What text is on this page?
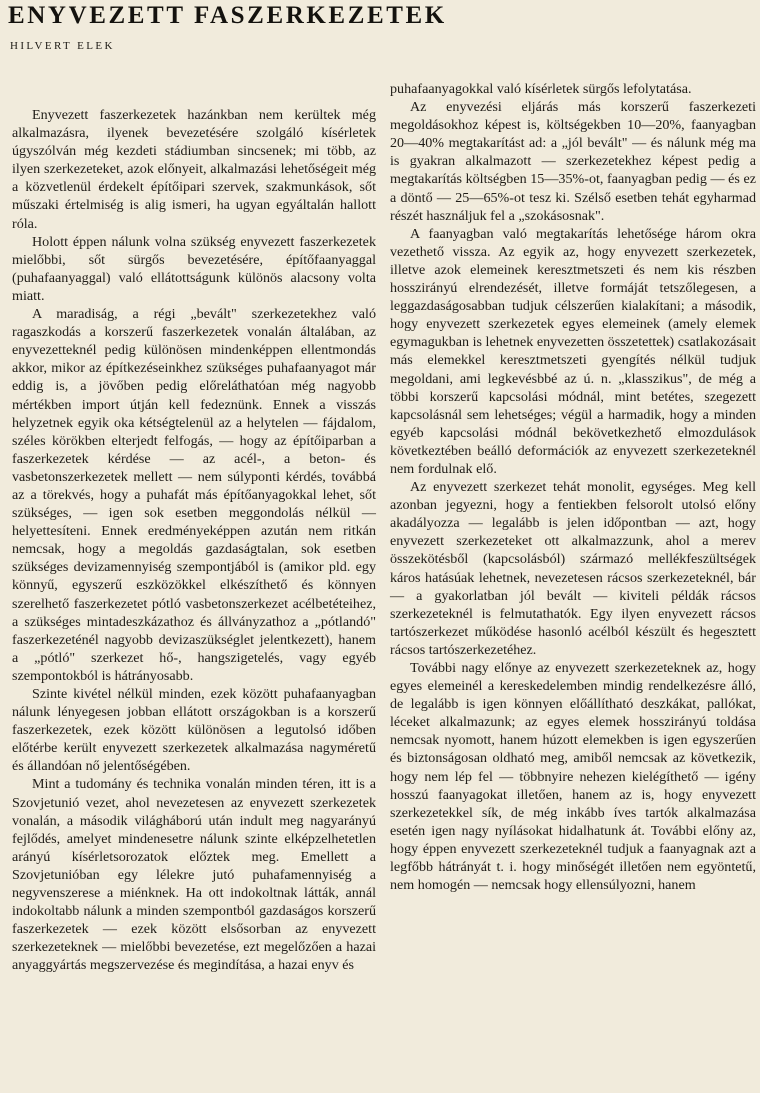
ENYVEZETT FASZERKEZETEK
HILVERT ELEK

Enyvezett faszerkezetek hazánkban nem kerültek még alkalmazásra, ilyenek bevezetésére szolgáló kísérletek úgyszólván még kezdeti stádiumban sincsenek; mi több, az ilyen szerkezeteket, azok előnyeit, alkalmazási lehetőségeit még a közvetlenül érdekelt építőipari szervek, szakmunkások, sőt műszaki értelmiség is alig ismeri, ha ugyan egyáltalán hallott róla.

Holott éppen nálunk volna szükség enyvezett faszerkezetek mielőbbi, sőt sürgős bevezetésére, építőfaanyaggal (puhafaanyaggal) való ellátottságunk különös alacsony volta miatt.

A maradiság, a régi „bevált" szerkezetekhez való ragaszkodás a korszerű faszerkezetek vonalán általában, az enyvezetteknél pedig különösen mindenképpen ellentmondás akkor, mikor az építkezéseinkhez szükséges puhafaanyagot már eddig is, a jövőben pedig előreláthatóan még nagyobb mértékben import útján kell fedeznünk. Ennek a visszás helyzetnek egyik oka kétségtelenül az a helytelen — fájdalom, széles körökben elterjedt felfogás, — hogy az építőiparban a faszerkezetek kérdése — az acél-, a beton- és vasbetonszerkezetek mellett — nem súlyponti kérdés, továbbá az a törekvés, hogy a puhafát más építőanyagokkal lehet, sőt szükséges, — igen sok esetben meggondolás nélkül — helyettesíteni. Ennek eredményeképpen azután nem ritkán nemcsak, hogy a megoldás gazdaságtalan, sok esetben szükséges devizamennyiség szempontjából is (amikor pld. egy könnyű, egyszerű eszközökkel elkészíthető és könnyen szerelhető faszerkezetet pótló vasbetonszerkezet acélbetéteihez, a szükséges mintadeszkázathoz és állványzathoz a „pótlandó" faszerkezeténél nagyobb devizaszükséglet jelentkezett), hanem a „pótló" szerkezet hő-, hangszigetelés, vagy egyéb szempontokból is hátrányosabb.

Szinte kivétel nélkül minden, ezek között puhafaanyagban nálunk lényegesen jobban ellátott országokban is a korszerű faszerkezetek, ezek között különösen a legutolsó időben előtérbe került enyvezett szerkezetek alkalmazása nagyméretű és állandóan nő jelentőségében.

Mint a tudomány és technika vonalán minden téren, itt is a Szovjetunió vezet, ahol nevezetesen az enyvezett szerkezetek vonalán, a második világháború után indult meg nagyarányú fejlődés, amelyet mindenesetre nálunk szinte elképzelhetetlen arányú kísérletsorozatok előztek meg. Emellett a Szovjetunióban egy lélekre jutó puhafamennyiség a negyvenszerese a miénknek. Ha ott indokoltnak látták, annál indokoltabb nálunk a minden szempontból gazdaságos korszerű faszerkezetek — ezek között elsősorban az enyvezett szerkezeteknek — mielőbbi bevezetése, ezt megelőzően a hazai anyaggyártás megszervezése és megindítása, a hazai enyv és

puhafaanyagokkal való kísérletek sürgős lefolytatása.

Az enyvezési eljárás más korszerű faszerkezeti megoldásokhoz képest is, költségekben 10—20%, faanyagban 20—40% megtakarítást ad: a „jól bevált" — és nálunk még ma is gyakran alkalmazott — szerkezetekhez képest pedig a megtakarítás költségben 15—35%-ot, faanyagban pedig — és ez a döntő — 25—65%-ot tesz ki. Szélső esetben tehát egyharmad részét használjuk fel a „szokásosnak".

A faanyagban való megtakarítás lehetősége három okra vezethető vissza. Az egyik az, hogy enyvezett szerkezetek, illetve azok elemeinek keresztmetszeti és nem kis részben hosszirányú elrendezését, illetve formáját tetszőlegesen, a leggazdaságosabban tudjuk célszerűen kialakítani; a második, hogy enyvezett szerkezetek egyes elemeinek (amely elemek egymagukban is lehetnek enyvezetten összetettek) csatlakozásait más elemekkel keresztmetszeti gyengítés nélkül tudjuk megoldani, ami legkevésbbé az ú. n. „klasszikus", de még a többi korszerű kapcsolási módnál, mint betétes, szegezett kapcsolásnál sem lehetséges; végül a harmadik, hogy a minden egyéb kapcsolási módnál bekövetkezhető elmozdulások következtében beálló deformációk az enyvezett szerkezeteknél nem fordulnak elő.

Az enyvezett szerkezet tehát monolit, egységes. Meg kell azonban jegyezni, hogy a fentiekben felsorolt utolsó előny akadályozza — legalább is jelen időpontban — azt, hogy enyvezett szerkezeteket ott alkalmazzunk, ahol a merev összekötésből (kapcsolásból) származó mellékfeszültségek káros hatásúak lehetnek, nevezetesen rácsos szerkezeteknél, bár — a gyakorlatban jól bevált — kiviteli példák rácsos szerkezeteknél is felmutathatók. Egy ilyen enyvezett rácsos tartószerkezet működése hasonló acélból készült és hegesztett rácsos tartószerkezetéhez.

További nagy előnye az enyvezett szerkezeteknek az, hogy egyes elemeinél a kereskedelemben mindig rendelkezésre álló, de legalább is igen könnyen előállítható deszkákat, pallókat, léceket alkalmazunk; az egyes elemek hosszirányú toldása nemcsak nyomott, hanem húzott elemekben is igen egyszerűen és biztonságosan oldható meg, amiből nemcsak az következik, hogy nem lép fel — többnyire nehezen kielégíthető — igény hosszú faanyagokat illetően, hanem az is, hogy enyvezett szerkezetekkel sík, de még inkább íves tartók alkalmazása esetén igen nagy nyílásokat hidalhatunk át. További előny az, hogy éppen enyvezett szerkezeteknél tudjuk a faanyagnak azt a legfőbb hátrányát t. i. hogy minőségét illetően nem egyöntetű, nem homogén — nemcsak hogy ellensúlyozni, hanem
